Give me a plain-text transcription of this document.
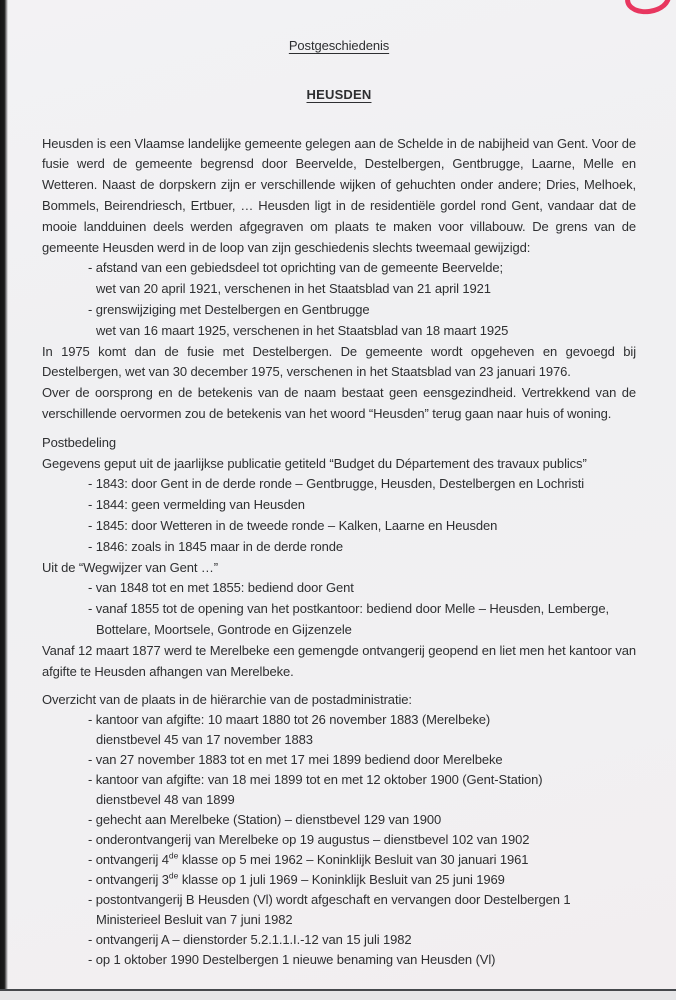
Postgeschiedenis
HEUSDEN
Heusden is een Vlaamse landelijke gemeente gelegen aan de Schelde in de nabijheid van Gent. Voor de fusie werd de gemeente begrensd door Beervelde, Destelbergen, Gentbrugge, Laarne, Melle en Wetteren. Naast de dorpskern zijn er verschillende wijken of gehuchten onder andere; Dries, Melhoek, Bommels, Beirendriesch, Ertbuer, … Heusden ligt in de residentiële gordel rond Gent, vandaar dat de mooie landduinen deels werden afgegraven om plaats te maken voor villabouw. De grens van de gemeente Heusden werd in de loop van zijn geschiedenis slechts tweemaal gewijzigd:
- afstand van een gebiedsdeel tot oprichting van de gemeente Beervelde;
wet van 20 april 1921, verschenen in het Staatsblad van 21 april 1921
- grenswijziging met Destelbergen en Gentbrugge
wet van 16 maart 1925, verschenen in het Staatsblad van 18 maart 1925
In 1975 komt dan de fusie met Destelbergen. De gemeente wordt opgeheven en gevoegd bij Destelbergen, wet van 30 december 1975, verschenen in het Staatsblad van 23 januari 1976.
Over de oorsprong en de betekenis van de naam bestaat geen eensgezindheid. Vertrekkend van de verschillende oervormen zou de betekenis van het woord “Heusden” terug gaan naar huis of woning.
Postbedeling
Gegevens geput uit de jaarlijkse publicatie getiteld “Budget du Département des travaux publics”
- 1843: door Gent in de derde ronde – Gentbrugge, Heusden, Destelbergen en Lochristi
- 1844: geen vermelding van Heusden
- 1845: door Wetteren in de tweede ronde – Kalken, Laarne en Heusden
- 1846: zoals in 1845 maar in de derde ronde
Uit de “Wegwijzer van Gent …”
- van 1848 tot en met 1855: bediend door Gent
- vanaf 1855 tot de opening van het postkantoor: bediend door Melle – Heusden, Lemberge,
Bottelare, Moortsele, Gontrode en Gijzenzele
Vanaf 12 maart 1877 werd te Merelbeke een gemengde ontvangerij geopend en liet men het kantoor van afgifte te Heusden afhangen van Merelbeke.
Overzicht van de plaats in de hiërarchie van de postadministratie:
- kantoor van afgifte: 10 maart 1880 tot 26 november 1883 (Merelbeke)
dienstbevel 45 van 17 november 1883
- van 27 november 1883 tot en met 17 mei 1899 bediend door Merelbeke
- kantoor van afgifte: van 18 mei 1899 tot en met 12 oktober 1900 (Gent-Station)
dienstbevel 48 van 1899
- gehecht aan Merelbeke (Station) – dienstbevel 129 van 1900
- onderontvangerij van Merelbeke op 19 augustus – dienstbevel 102 van 1902
- ontvangerij 4de klasse op 5 mei 1962 – Koninklijk Besluit van 30 januari 1961
- ontvangerij 3de klasse op 1 juli 1969 – Koninklijk Besluit van 25 juni 1969
- postontvangerij B Heusden (Vl) wordt afgeschaft en vervangen door Destelbergen 1
Ministerieel Besluit van 7 juni 1982
- ontvangerij A – dienstorder 5.2.1.1.I.-12 van 15 juli 1982
- op 1 oktober 1990 Destelbergen 1 nieuwe benaming van Heusden (Vl)
